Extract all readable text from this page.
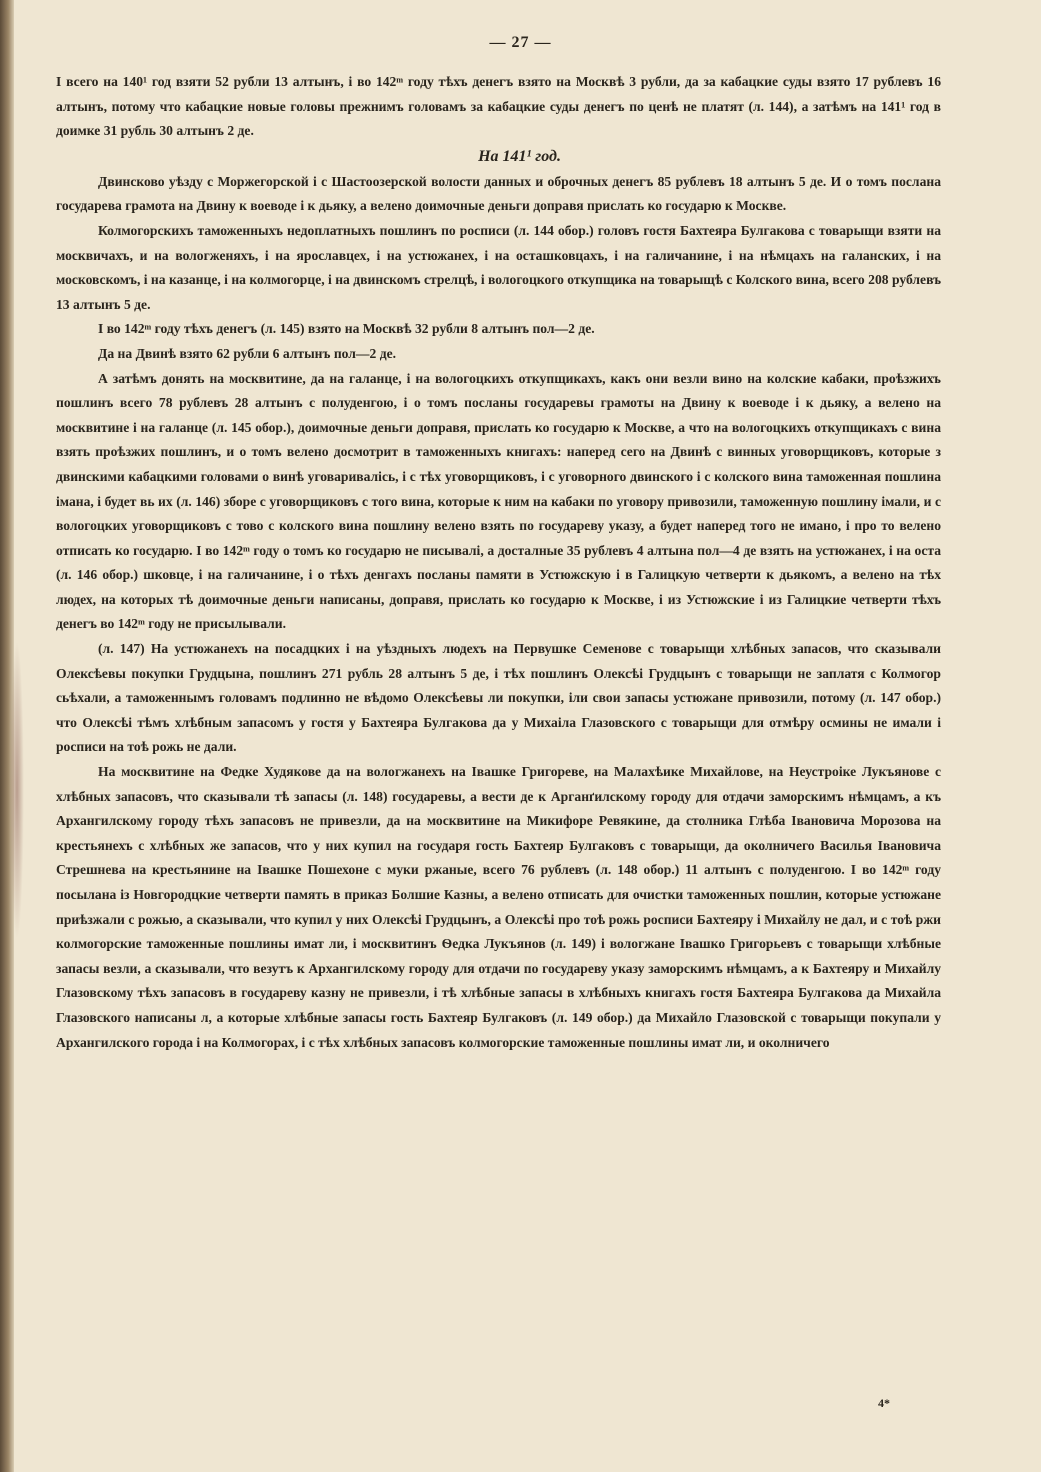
— 27 —

I всего на 140¹ год взяти 52 рубли 13 алтынъ, і во 142ᵐ году тѣхъ денегъ взято на Москвѣ 3 рубли, да за кабацкие суды взято 17 рублевъ 16 алтынъ, потому что кабацкие новые головы прежнимъ головамъ за кабацкие суды денегъ по ценѣ не платят (л. 144), а затѣмъ на 141¹ год в доимке 31 рубль 30 алтынъ 2 де.

На 141¹ год.

Двинсково уѣзду с Моржегорской і с Шастоозерской волости данных и оброчных денегъ 85 рублевъ 18 алтынъ 5 де. И о томъ послана государева грамота на Двину к воеводе і к дьяку, а велено доимочные деньги доправя прислать ко государю к Москве.

Колмогорскихъ таможенныхъ недоплатныхъ пошлинъ по росписи (л. 144 обор.) головъ гостя Бахтеяра Булгакова с товарыщи взяти на москвичахъ, и на вологженяхъ, і на ярославцех, і на устюжанех, і на осташковцахъ, і на галичанине, і на нѣмцахъ на галанских, і на московскомъ, і на казанце, і на колмогорце, і на двинскомъ стрелцѣ, і вологоцкого откупщика на товарыщѣ с Колского вина, всего 208 рублевъ 13 алтынъ 5 де.

I во 142ᵐ году тѣхъ денегъ (л. 145) взято на Москвѣ 32 рубли 8 алтынъ пол—2 де.

Да на Двинѣ взято 62 рубли 6 алтынъ пол—2 де.

А затѣмъ донять на москвитине, да на галанце, і на вологоцкихъ откупщикахъ, какъ они везли вино на колские кабаки, проѣзжихъ пошлинъ всего 78 рублевъ 28 алтынъ с полуденгою, і о томъ посланы государевы грамоты на Двину к воеводе і к дьяку, а велено на москвитине і на галанце (л. 145 обор.), доимочные деньги доправя, прислать ко государю к Москве, а что на вологоцкихъ откупщикахъ с вина взять проѣзжих пошлинъ, и о томъ велено досмотрит в таможенныхъ книгахъ: наперед сего на Двинѣ с винных уговорщиковъ, которые з двинскими кабацкими головами о винѣ уговаривалісь, і с тѣх уговорщиковъ, і с уговорного двинского і с колского вина таможенная пошлина імана, і будет вь их (л. 146) зборе с уговорщиковъ с того вина, которые к ним на кабаки по уговору привозили, таможенную пошлину імали, и с вологоцких уговорщиковъ с тово с колского вина пошлину велено взять по государеву указу, а будет наперед того не имано, і про то велено отписать ко государю. I во 142ᵐ году о томъ ко государю не писывалі, а досталные 35 рублевъ 4 алтына пол—4 де взять на устюжанех, і на оста (л. 146 обор.) шковце, і на галичанине, і о тѣхъ денгахъ посланы памяти в Устюжскую і в Галицкую четверти к дьякомъ, а велено на тѣх людех, на которых тѣ доимочные деньги написаны, доправя, прислать ко государю к Москве, і из Устюжские і из Галицкие четверти тѣхъ денегъ во 142ᵐ году не присылывали.

(л. 147) На устюжанехъ на посадцких і на уѣздныхъ людехъ на Первушке Семенове с товарыщи хлѣбных запасов, что сказывали Олексѣевы покупки Грудцына, пошлинъ 271 рубль 28 алтынъ 5 де, і тѣх пошлинъ Олексѣі Грудцынъ с товарыщи не заплатя с Колмогор сьѣхали, а таможеннымъ головамъ подлинно не вѣдомо Олексѣевы ли покупки, іли свои запасы устюжане привозили, потому (л. 147 обор.) что Олексѣі тѣмъ хлѣбным запасомъ у гостя у Бахтеяра Булгакова да у Михаіла Глазовского с товарыщи для отмѣру осмины не имали і росписи на тоѣ рожь не дали.

На москвитине на Федке Худякове да на вологжанехъ на Івашке Григореве, на Малахѣике Михайлове, на Неустроіке Лукъянове с хлѣбных запасовъ, что сказывали тѣ запасы (л. 148) государевы, а вести де к Арганґилскому городу для отдачи заморскимъ нѣмцамъ, а къ Архангилскому городу тѣхъ запасовъ не привезли, да на москвитине на Микифоре Ревякине, да столника Глѣба Івановича Морозова на крестьянехъ с хлѣбных же запасов, что у них купил на государя гость Бахтеяр Булгаковъ с товарыщи, да околничего Василья Івановича Стрешнева на крестьянине на Івашке Пошехоне с муки ржаные, всего 76 рублевъ (л. 148 обор.) 11 алтынъ с полуденгою. I во 142ᵐ году посылана із Новгородцкие четверти память в приказ Болшие Казны, а велено отписать для очистки таможенных пошлин, которые устюжане приѣзжали с рожью, а сказывали, что купил у них Олексѣі Грудцынъ, а Олексѣі про тоѣ рожь росписи Бахтеяру і Михайлу не дал, и с тоѣ ржи колмогорские таможенные пошлины имат ли, і москвитинъ Ѳедка Лукъянов (л. 149) і вологжане Івашко Григорьевъ с товарыщи хлѣбные запасы везли, а сказывали, что везутъ к Архангилскому городу для отдачи по государеву указу заморскимъ нѣмцамъ, а к Бахтеяру и Михайлу Глазовскому тѣхъ запасовъ в государеву казну не привезли, і тѣ хлѣбные запасы в хлѣбныхъ книгахъ гостя Бахтеяра Булгакова да Михайла Глазовского написаны л, а которые хлѣбные запасы гость Бахтеяр Булгаковъ (л. 149 обор.) да Михайло Глазовской с товарыщи покупали у Архангилского города і на Колмогорах, і с тѣх хлѣбных запасовъ колмогорские таможенные пошлины имат ли, и околничего

4*
